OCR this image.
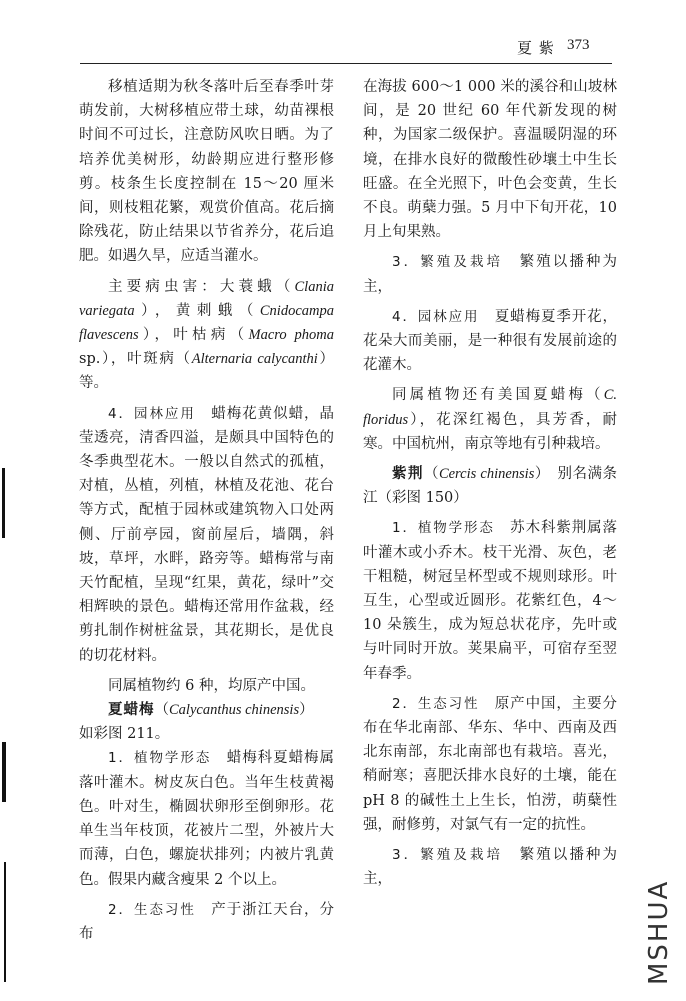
夏 紫 373

移植适期为秋冬落叶后至春季叶芽萌发前，大树移植应带土球，幼苗裸根时间不可过长，注意防风吹日晒。为了培养优美树形，幼龄期应进行整形修剪。枝条生长度控制在 15～20 厘米间，则枝粗花繁，观赏价值高。花后摘除残花，防止结果以节省养分，花后追肥。如遇久旱，应适当灌水。

主要病虫害：大蓑蛾（Clania variegata），黄刺蛾（Cnidocampa flavescens），叶枯病（Macro phoma sp.），叶斑病（Alternaria calycanthi）等。

4．园林应用　蜡梅花黄似蜡，晶莹透亮，清香四溢，是颇具中国特色的冬季典型花木。一般以自然式的孤植，对植，丛植，列植，林植及花池、花台等方式，配植于园林或建筑物入口处两侧、厅前亭园，窗前屋后，墙隅，斜坡，草坪，水畔，路旁等。蜡梅常与南天竹配植，呈现“红果，黄花，绿叶”交相辉映的景色。蜡梅还常用作盆栽，经剪扎制作树桩盆景，其花期长，是优良的切花材料。

同属植物约 6 种，均原产中国。

夏蜡梅（Calycanthus chinensis）

如彩图 211。

1．植物学形态　蜡梅科夏蜡梅属落叶灌木。树皮灰白色。当年生枝黄褐色。叶对生，椭圆状卵形至倒卵形。花单生当年枝顶，花被片二型，外被片大而薄，白色，螺旋状排列；内被片乳黄色。假果内藏含瘦果 2 个以上。

2．生态习性　产于浙江天台，分布

在海拔 600～1 000 米的溪谷和山坡林间，是 20 世纪 60 年代新发现的树种，为国家二级保护。喜温暖阴湿的环境，在排水良好的微酸性砂壤土中生长旺盛。在全光照下，叶色会变黄，生长不良。萌蘖力强。5 月中下旬开花，10 月上旬果熟。

3．繁殖及栽培　繁殖以播种为主，

4．园林应用　夏蜡梅夏季开花，花朵大而美丽，是一种很有发展前途的花灌木。

同属植物还有美国夏蜡梅（C. floridus），花深红褐色，具芳香，耐寒。中国杭州，南京等地有引种栽培。

紫荆（Cercis chinensis）　别名满条江（彩图 150）

1．植物学形态　苏木科紫荆属落叶灌木或小乔木。枝干光滑、灰色，老干粗糙，树冠呈杯型或不规则球形。叶互生，心型或近圆形。花紫红色，4～10 朵簇生，成为短总状花序，先叶或与叶同时开放。荚果扁平，可宿存至翌年春季。

2．生态习性　原产中国，主要分布在华北南部、华东、华中、西南及西北东南部，东北南部也有栽培。喜光，稍耐寒；喜肥沃排水良好的土壤，能在 pH 8 的碱性土上生长，怕涝，萌蘖性强，耐修剪，对氯气有一定的抗性。

3．繁殖及栽培　繁殖以播种为主，

MSHUA
